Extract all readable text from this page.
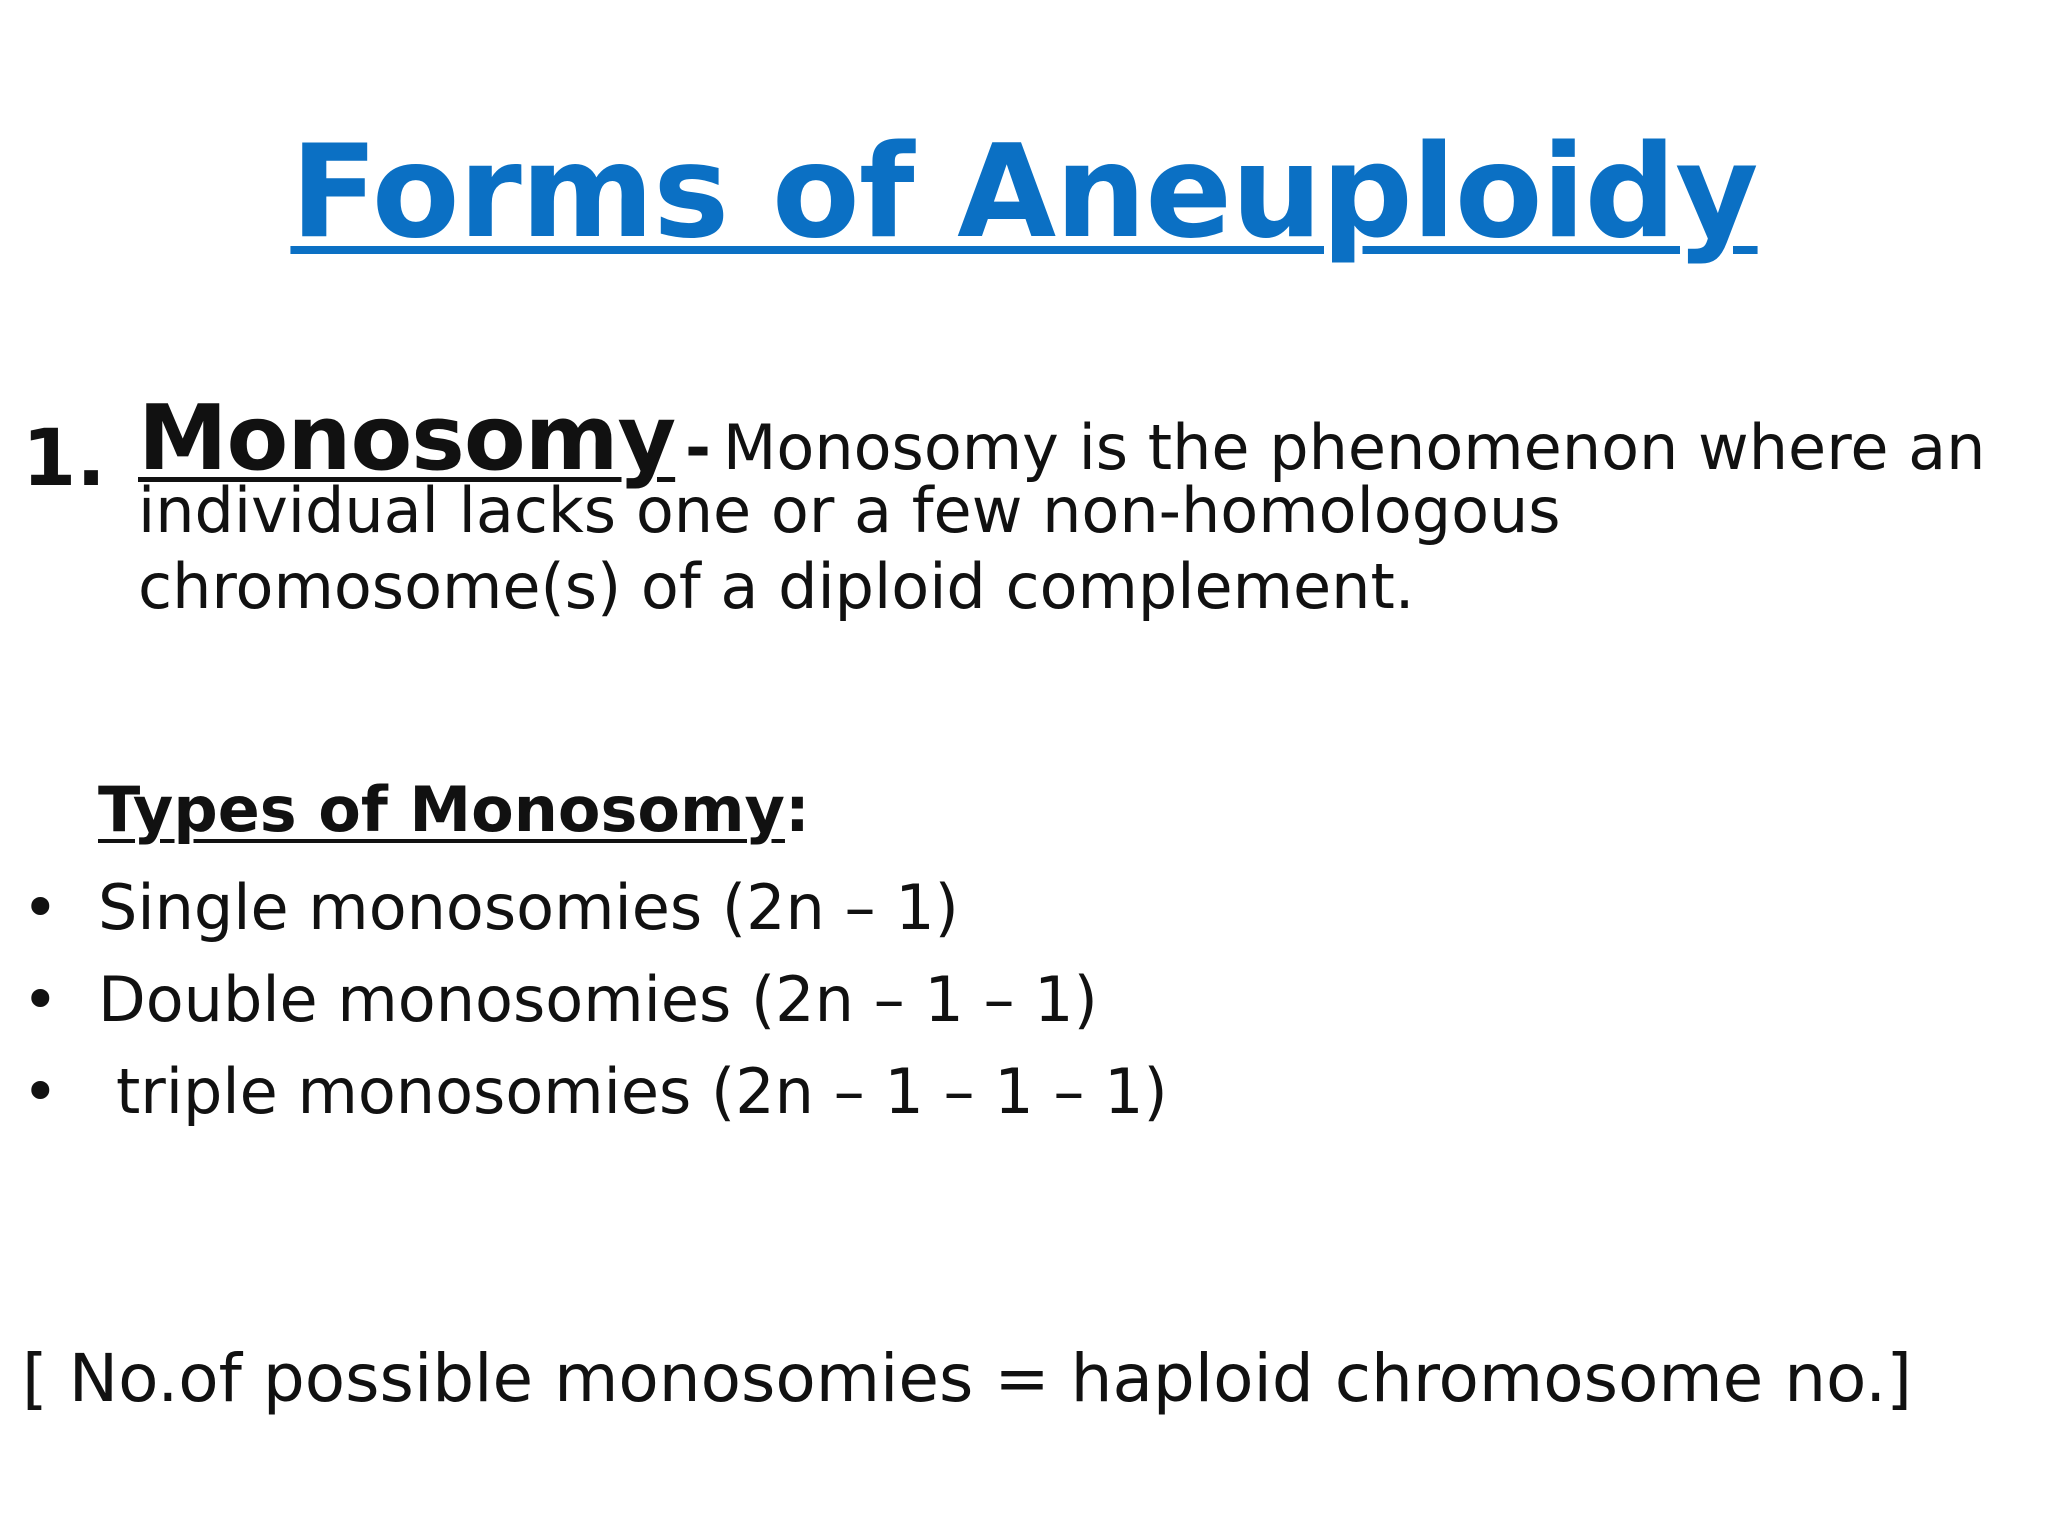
Forms of Aneuploidy
1. Monosomy - Monosomy is the phenomenon where an
individual lacks one or a few non-homologous chromosome(s) of a diploid complement.
Types of Monosomy:
• Single monosomies (2n – 1)
• Double monosomies (2n – 1 – 1)
• triple monosomies (2n – 1 – 1 – 1)
[ No.of possible monosomies = haploid chromosome no.]
